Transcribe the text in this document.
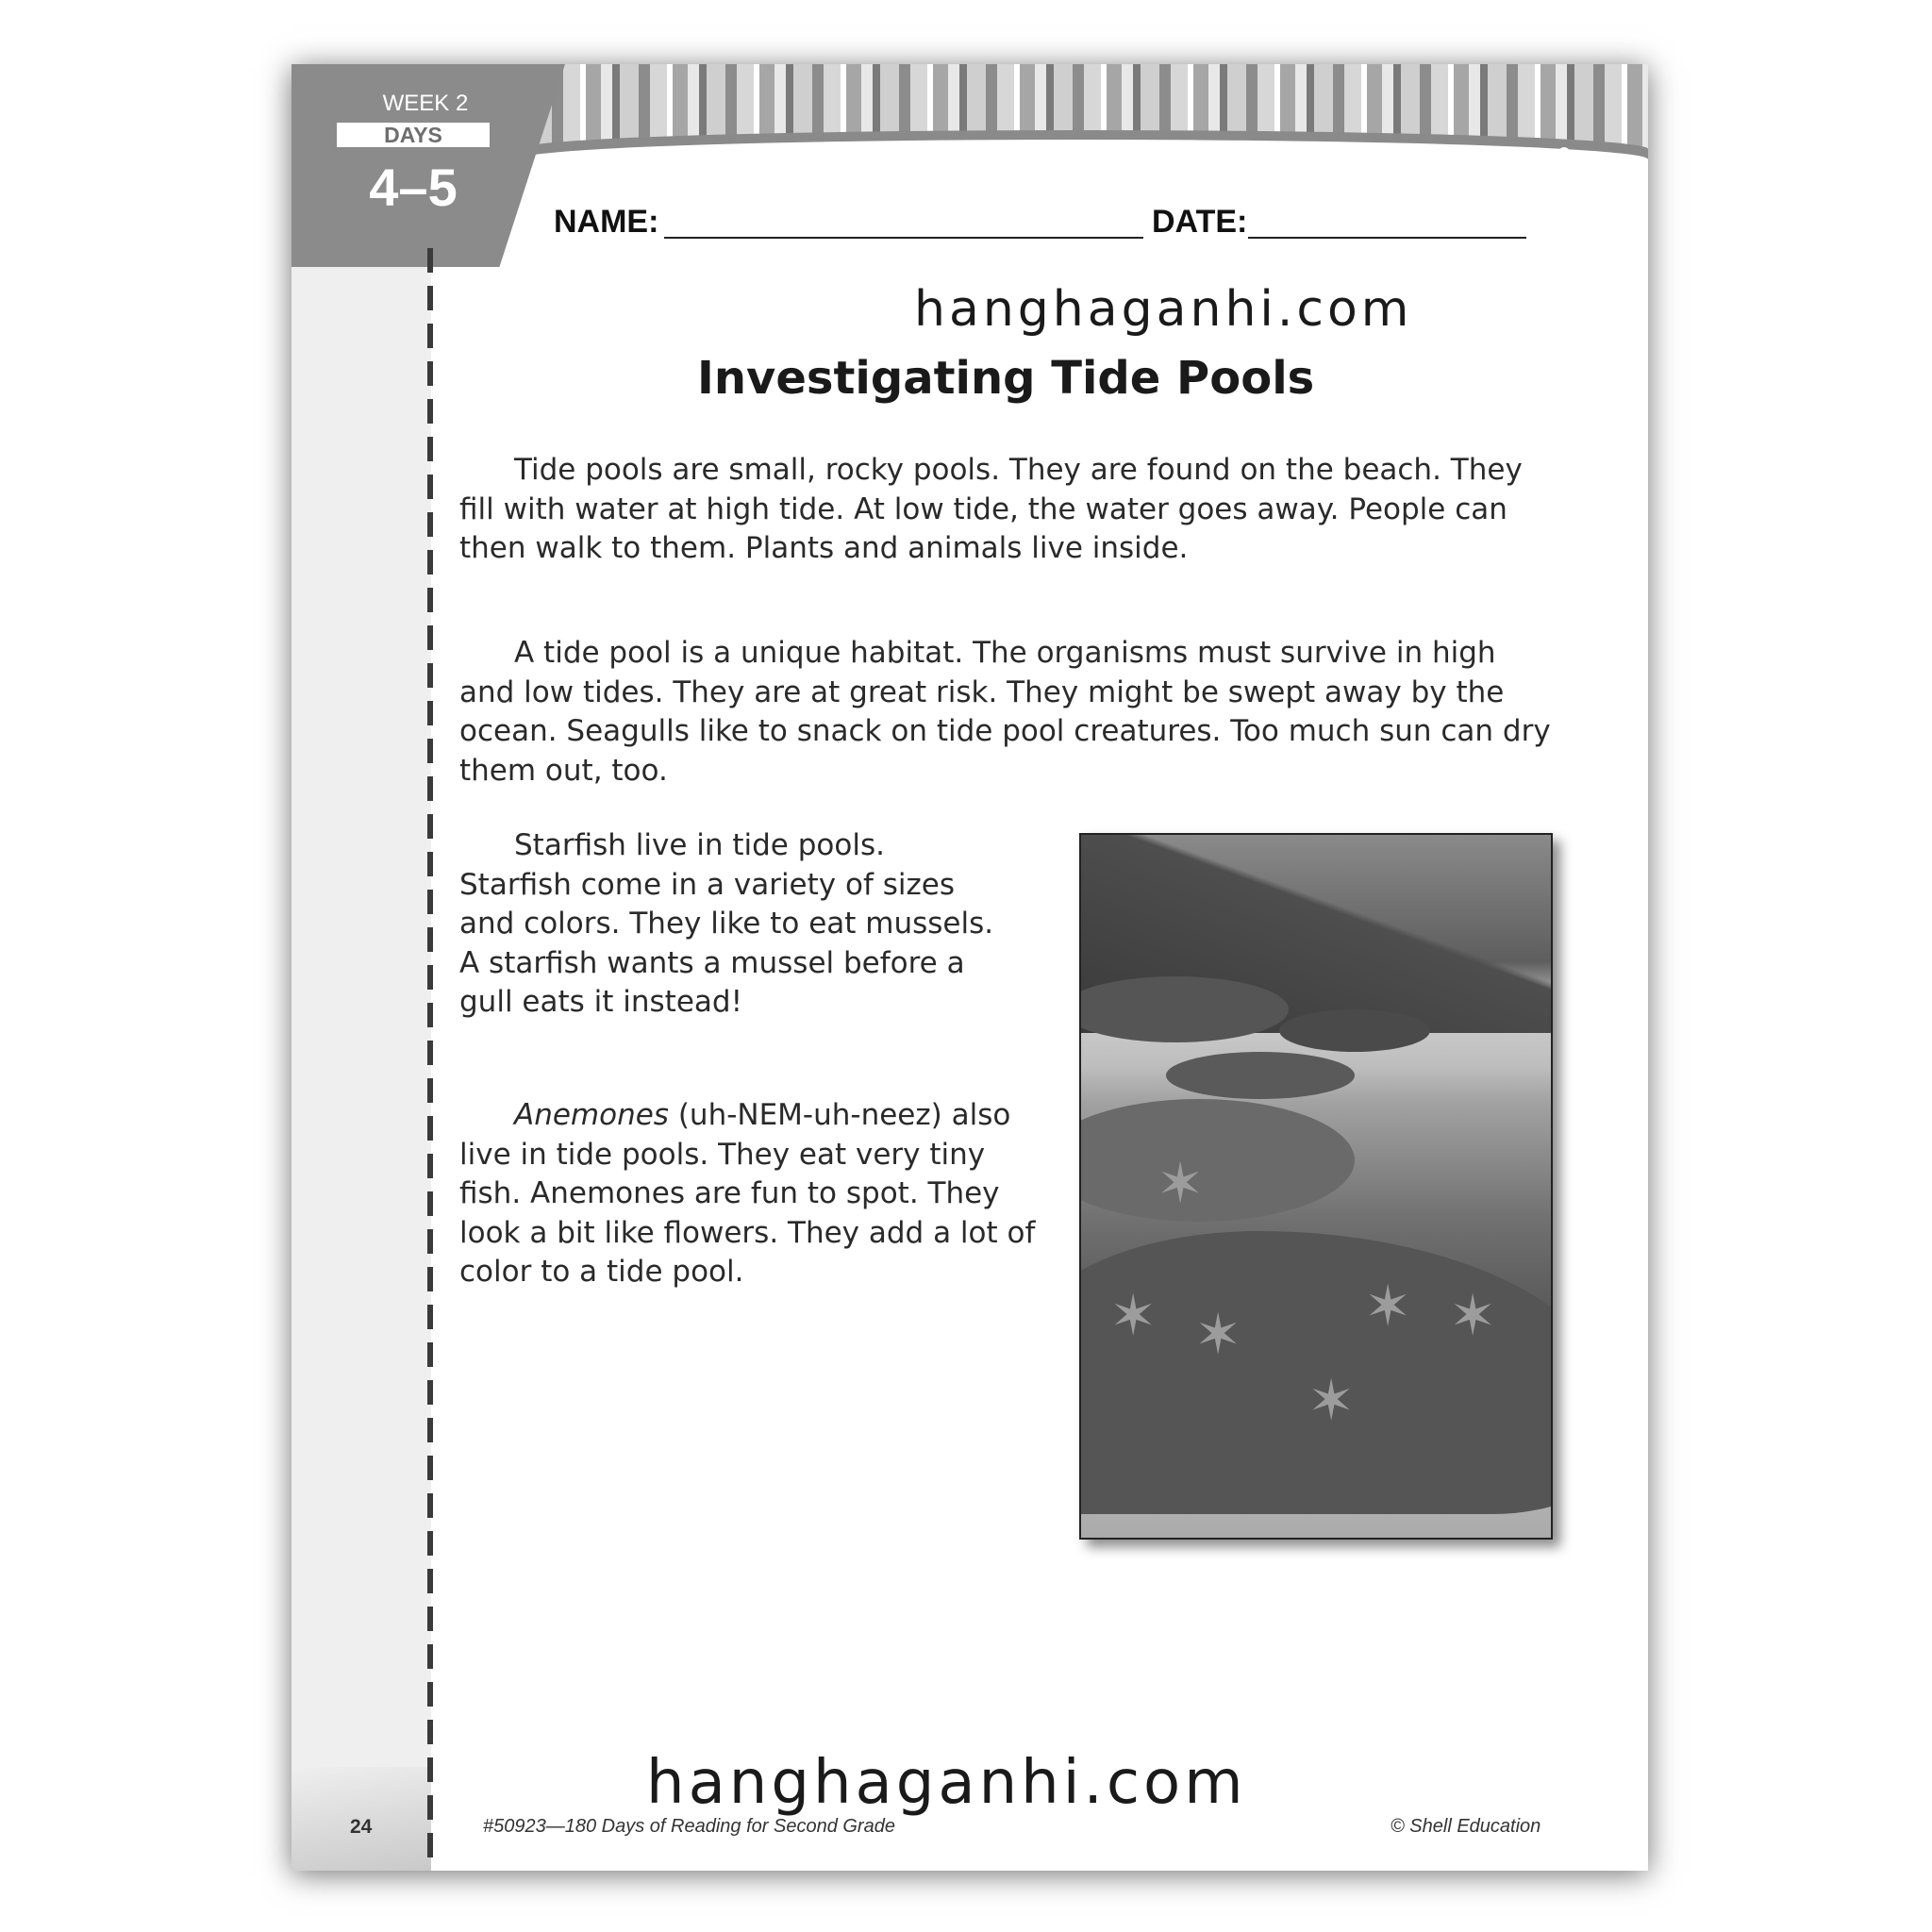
WEEK 2
DAYS
4–5
NAME:	DATE:
hanghaganhi.com
Investigating Tide Pools

Tide pools are small, rocky pools. They are found on the beach. They fill with water at high tide. At low tide, the water goes away. People can then walk to them. Plants and animals live inside.

A tide pool is a unique habitat. The organisms must survive in high and low tides. They are at great risk. They might be swept away by the ocean. Seagulls like to snack on tide pool creatures. Too much sun can dry them out, too.

Starfish live in tide pools. Starfish come in a variety of sizes and colors. They like to eat mussels. A starfish wants a mussel before a gull eats it instead!

Anemones (uh-NEM-uh-neez) also live in tide pools. They eat very tiny fish. Anemones are fun to spot. They look a bit like flowers. They add a lot of color to a tide pool.

✶
✶ ✶ ✶ ✶
✶
24	#50923—180 Days of Reading for Second Grade	© Shell Education
hanghaganhi.com
